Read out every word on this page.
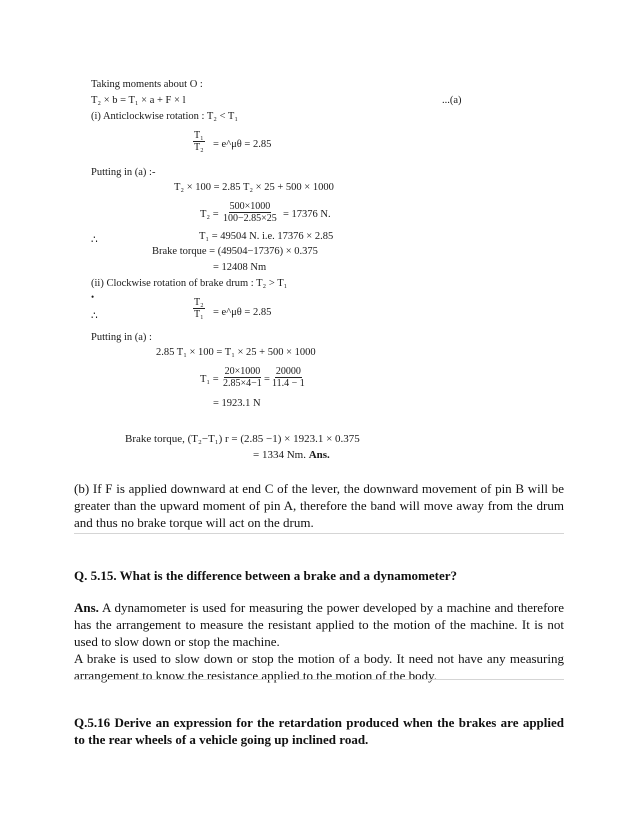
Taking moments about O :
T₂ × b = T₁ × a + F × l	...(a)
(i) Anticlockwise rotation : T₂ < T₁
$\frac{\text{T₁}}{\text{T₂}}$ = e^μθ = 2.85
Putting in (a) :-
T₂ × 100 = 2.85 T₂ × 25 + 500 × 1000
$T_2 = \frac{500\times 1000}{100-2.85\times 25} = 17376$ N.
∴	T₁ = 49504 N. i.e. 17376 × 2.85
Brake torque = (49504−17376) × 0.375
= 12408 Nm
(ii) Clockwise rotation of brake drum : T₂ > T₁
•	$\frac{\text{T₂}}{\text{T₁}}$
∴	= e^μθ = 2.85
Putting in (a) :
2.85 T₁ × 100 = T₁ × 25 + 500 × 1000
$T_1 = \frac{20\times 1000}{2.85\times 4-1} = \frac{20000}{11.4 - 1}$
= 1923.1 N
Brake torque, (T₂−T₁) r = (2.85 −1) × 1923.1 × 0.375
= 1334 Nm. Ans.
(b) If F is applied downward at end C of the lever, the downward movement of pin B will be greater than the upward moment of pin A, therefore the band will move away from the drum and thus no brake torque will act on the drum.
Q. 5.15. What is the difference between a brake and a dynamometer?
Ans. A dynamometer is used for measuring the power developed by a machine and therefore has the arrangement to measure the resistant applied to the motion of the machine. It is not used to slow down or stop the machine.
A brake is used to slow down or stop the motion of a body. It need not have any measuring arrangement to know the resistance applied to the motion of the body.
Q.5.16 Derive an expression for the retardation produced when the brakes are applied to the rear wheels of a vehicle going up inclined road.
